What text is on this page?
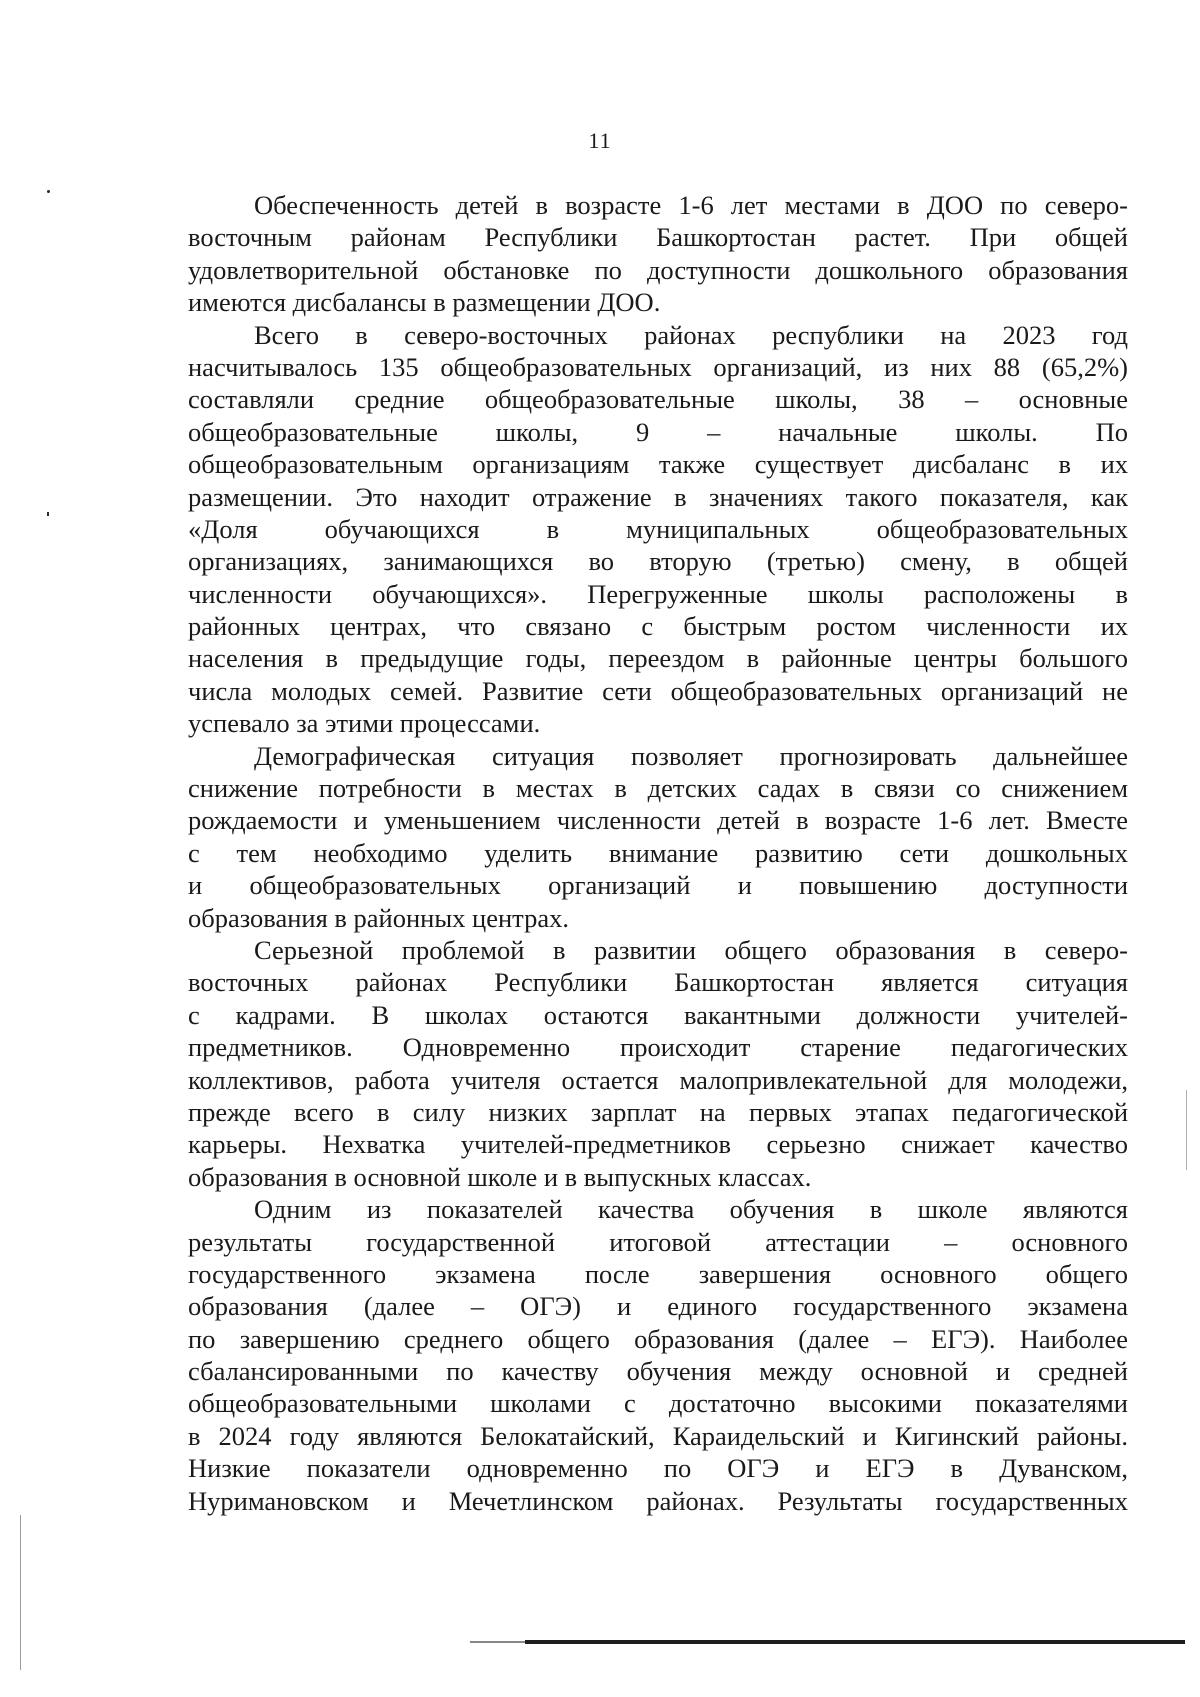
11

Обеспеченность детей в возрасте 1-6 лет местами в ДОО по северо-
восточным районам Республики Башкортостан растет. При общей
удовлетворительной обстановке по доступности дошкольного образования
имеются дисбалансы в размещении ДОО.

Всего в северо-восточных районах республики на 2023 год
насчитывалось 135 общеобразовательных организаций, из них 88 (65,2%)
составляли средние общеобразовательные школы, 38 – основные
общеобразовательные школы, 9 – начальные школы. По
общеобразовательным организациям также существует дисбаланс в их
размещении. Это находит отражение в значениях такого показателя, как
«Доля обучающихся в муниципальных общеобразовательных
организациях, занимающихся во вторую (третью) смену, в общей
численности обучающихся». Перегруженные школы расположены в
районных центрах, что связано с быстрым ростом численности их
населения в предыдущие годы, переездом в районные центры большого
числа молодых семей. Развитие сети общеобразовательных организаций не
успевало за этими процессами.

Демографическая ситуация позволяет прогнозировать дальнейшее
снижение потребности в местах в детских садах в связи со снижением
рождаемости и уменьшением численности детей в возрасте 1-6 лет. Вместе
с тем необходимо уделить внимание развитию сети дошкольных
и общеобразовательных организаций и повышению доступности
образования в районных центрах.

Серьезной проблемой в развитии общего образования в северо-
восточных районах Республики Башкортостан является ситуация
с кадрами. В школах остаются вакантными должности учителей-
предметников. Одновременно происходит старение педагогических
коллективов, работа учителя остается малопривлекательной для молодежи,
прежде всего в силу низких зарплат на первых этапах педагогической
карьеры. Нехватка учителей-предметников серьезно снижает качество
образования в основной школе и в выпускных классах.

Одним из показателей качества обучения в школе являются
результаты государственной итоговой аттестации – основного
государственного экзамена после завершения основного общего
образования (далее – ОГЭ) и единого государственного экзамена
по завершению среднего общего образования (далее – ЕГЭ). Наиболее
сбалансированными по качеству обучения между основной и средней
общеобразовательными школами с достаточно высокими показателями
в 2024 году являются Белокатайский, Караидельский и Кигинский районы.
Низкие показатели одновременно по ОГЭ и ЕГЭ в Дуванском,
Нуримановском и Мечетлинском районах. Результаты государственных
